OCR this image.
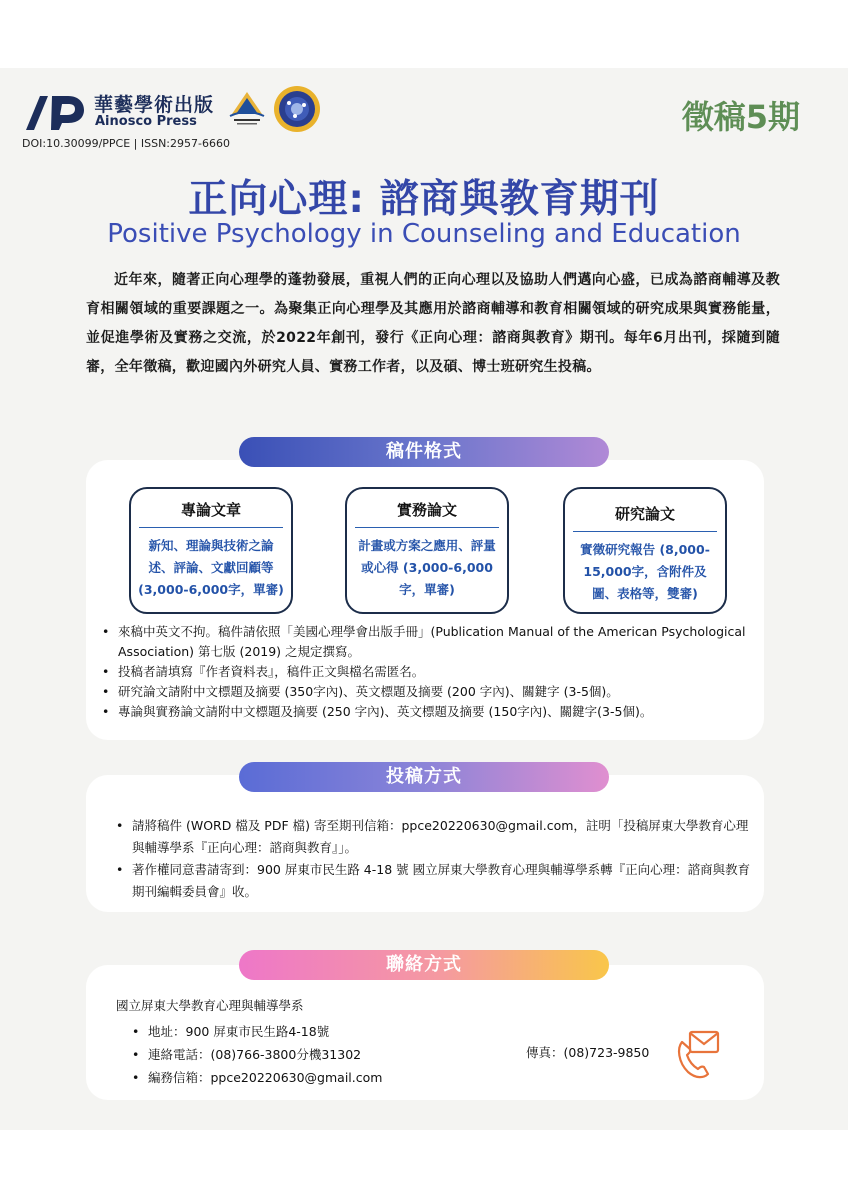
華藝學術出版
Ainosco Press
DOI:10.30099/PPCE | ISSN:2957-6660
徵稿5期
正向心理: 諮商與教育期刊
Positive Psychology in Counseling and Education
近年來，隨著正向心理學的蓬勃發展，重視人們的正向心理以及協助人們邁向心盛，已成為諮商輔導及教育相關領域的重要課題之一。為聚集正向心理學及其應用於諮商輔導和教育相關領域的研究成果與實務能量，並促進學術及實務之交流，於2022年創刊，發行《正向心理：諮商與教育》期刊。每年6月出刊，採隨到隨審，全年徵稿，歡迎國內外研究人員、實務工作者，以及碩、博士班研究生投稿。
稿件格式
專論文章
新知、理論與技術之論述、評論、文獻回顧等(3,000-6,000字，單審)
實務論文
計畫或方案之應用、評量或心得 (3,000-6,000字，單審)
研究論文
實徵研究報告 (8,000-15,000字，含附件及圖、表格等，雙審)
• 來稿中英文不拘。稿件請依照「美國心理學會出版手冊」(Publication Manual of the American Psychological Association) 第七版 (2019) 之規定撰寫。
• 投稿者請填寫『作者資料表』，稿件正文與檔名需匿名。
• 研究論文請附中文標題及摘要 (350字內)、英文標題及摘要 (200 字內)、關鍵字 (3-5個)。
• 專論與實務論文請附中文標題及摘要 (250 字內)、英文標題及摘要 (150字內)、關鍵字(3-5個)。
投稿方式
• 請將稿件 (WORD 檔及 PDF 檔) 寄至期刊信箱：ppce20220630@gmail.com，註明「投稿屏東大學教育心理與輔導學系『正向心理：諮商與教育』」。
• 著作權同意書請寄到：900 屏東市民生路 4-18 號 國立屏東大學教育心理與輔導學系轉『正向心理：諮商與教育 期刊編輯委員會』收。
聯絡方式
國立屏東大學教育心理與輔導學系
• 地址：900 屏東市民生路4-18號
• 連絡電話：(08)766-3800分機31302
• 編務信箱：ppce20220630@gmail.com
傳真：(08)723-9850
